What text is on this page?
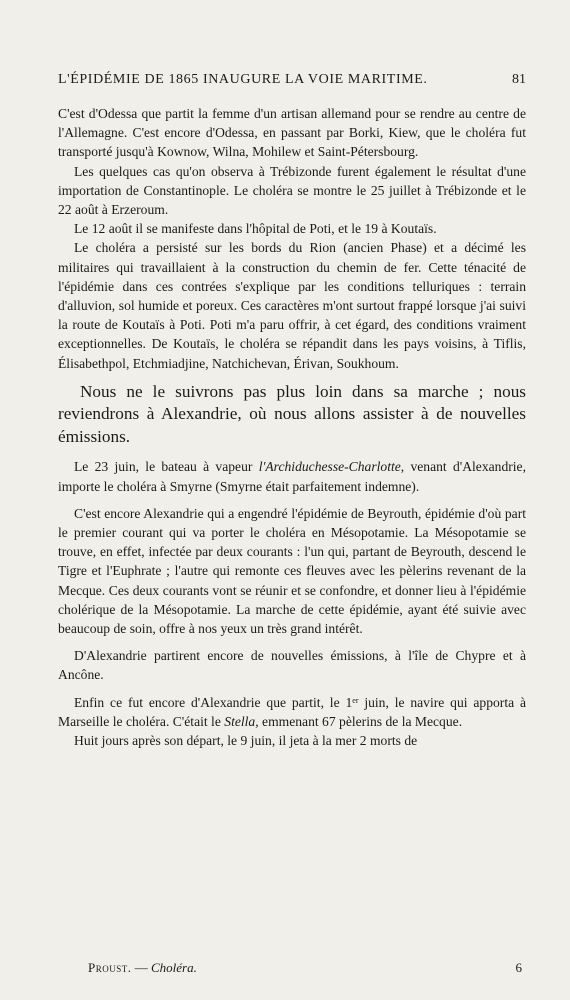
L'ÉPIDÉMIE DE 1865 INAUGURE LA VOIE MARITIME.	81

C'est d'Odessa que partit la femme d'un artisan allemand pour se rendre au centre de l'Allemagne. C'est encore d'Odessa, en passant par Borki, Kiew, que le choléra fut transporté jusqu'à Kownow, Wilna, Mohilew et Saint-Pétersbourg.

Les quelques cas qu'on observa à Trébizonde furent également le résultat d'une importation de Constantinople. Le choléra se montre le 25 juillet à Trébizonde et le 22 août à Erzeroum.

Le 12 août il se manifeste dans l'hôpital de Poti, et le 19 à Koutaïs.

Le choléra a persisté sur les bords du Rion (ancien Phase) et a décimé les militaires qui travaillaient à la construction du chemin de fer. Cette ténacité de l'épidémie dans ces contrées s'explique par les conditions telluriques : terrain d'alluvion, sol humide et poreux. Ces caractères m'ont surtout frappé lorsque j'ai suivi la route de Koutaïs à Poti. Poti m'a paru offrir, à cet égard, des conditions vraiment exceptionnelles. De Koutaïs, le choléra se répandit dans les pays voisins, à Tiflis, Élisabethpol, Etchmiadjine, Natchichevan, Érivan, Soukhoum.

Nous ne le suivrons pas plus loin dans sa marche ; nous reviendrons à Alexandrie, où nous allons assister à de nouvelles émissions.

Le 23 juin, le bateau à vapeur l'Archiduchesse-Charlotte, venant d'Alexandrie, importe le choléra à Smyrne (Smyrne était parfaitement indemne).

C'est encore Alexandrie qui a engendré l'épidémie de Beyrouth, épidémie d'où part le premier courant qui va porter le choléra en Mésopotamie. La Mésopotamie se trouve, en effet, infectée par deux courants : l'un qui, partant de Beyrouth, descend le Tigre et l'Euphrate ; l'autre qui remonte ces fleuves avec les pèlerins revenant de la Mecque. Ces deux courants vont se réunir et se confondre, et donner lieu à l'épidémie cholérique de la Mésopotamie. La marche de cette épidémie, ayant été suivie avec beaucoup de soin, offre à nos yeux un très grand intérêt.

D'Alexandrie partirent encore de nouvelles émissions, à l'île de Chypre et à Ancône.

Enfin ce fut encore d'Alexandrie que partit, le 1er juin, le navire qui apporta à Marseille le choléra. C'était le Stella, emmenant 67 pèlerins de la Mecque.

Huit jours après son départ, le 9 juin, il jeta à la mer 2 morts de

Proust. — Choléra.	6
